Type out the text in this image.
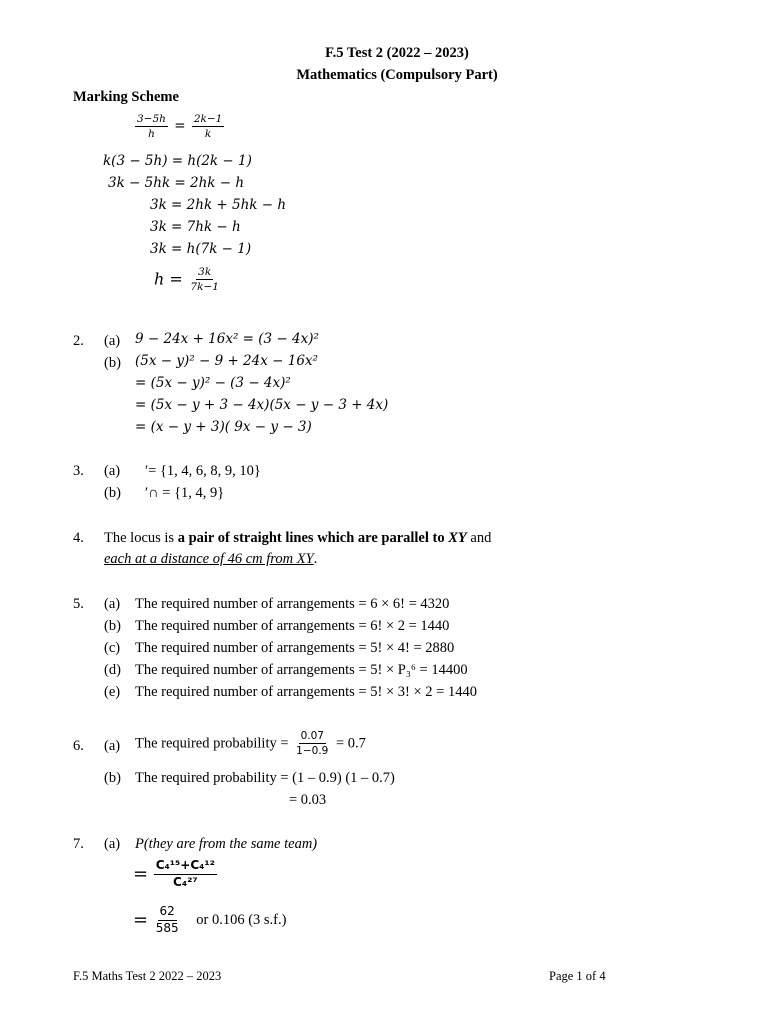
F.5 Test 2 (2022 – 2023)
Mathematics (Compulsory Part)
Marking Scheme
$\frac{3-5h}{h} = \frac{2k-1}{k}$
k(3 − 5h) = h(2k − 1)
3k − 5hk = 2hk − h
3k = 2hk + 5hk − h
3k = 7hk − h
3k = h(7k − 1)
$h = \frac{3k}{7k-1}$
2. (a) 9 − 24x + 16x² = (3 − 4x)²
(b) (5x − y)² − 9 + 24x − 16x²
= (5x − y)² − (3 − 4x)²
= (5x − y + 3 − 4x)(5x − y − 3 + 4x)
= (x − y + 3)( 9x − y − 3)
3. (a) ′= {1, 4, 6, 8, 9, 10}
(b) ′∩ = {1, 4, 9}
4. The locus is a pair of straight lines which are parallel to XY and
each at a distance of 46 cm from XY.
5. (a) The required number of arrangements = 6 × 6! = 4320
(b) The required number of arrangements = 6! × 2 = 1440
(c) The required number of arrangements = 5! × 4! = 2880
(d) The required number of arrangements = 5! × P₃⁶ = 14400
(e) The required number of arrangements = 5! × 3! × 2 = 1440
6. (a) The required probability = $\frac{0.07}{1-0.9} = 0.7$
(b) The required probability = (1 – 0.9) (1 – 0.7)
= 0.03
7. (a) P(they are from the same team)
= $\frac{\text{C₄¹⁵+C₄¹²}}{\text{C₄²⁷}}$
= $\frac{62}{585}$ or 0.106 (3 s.f.)
F.5 Maths Test 2 2022 – 2023	Page 1 of 4
